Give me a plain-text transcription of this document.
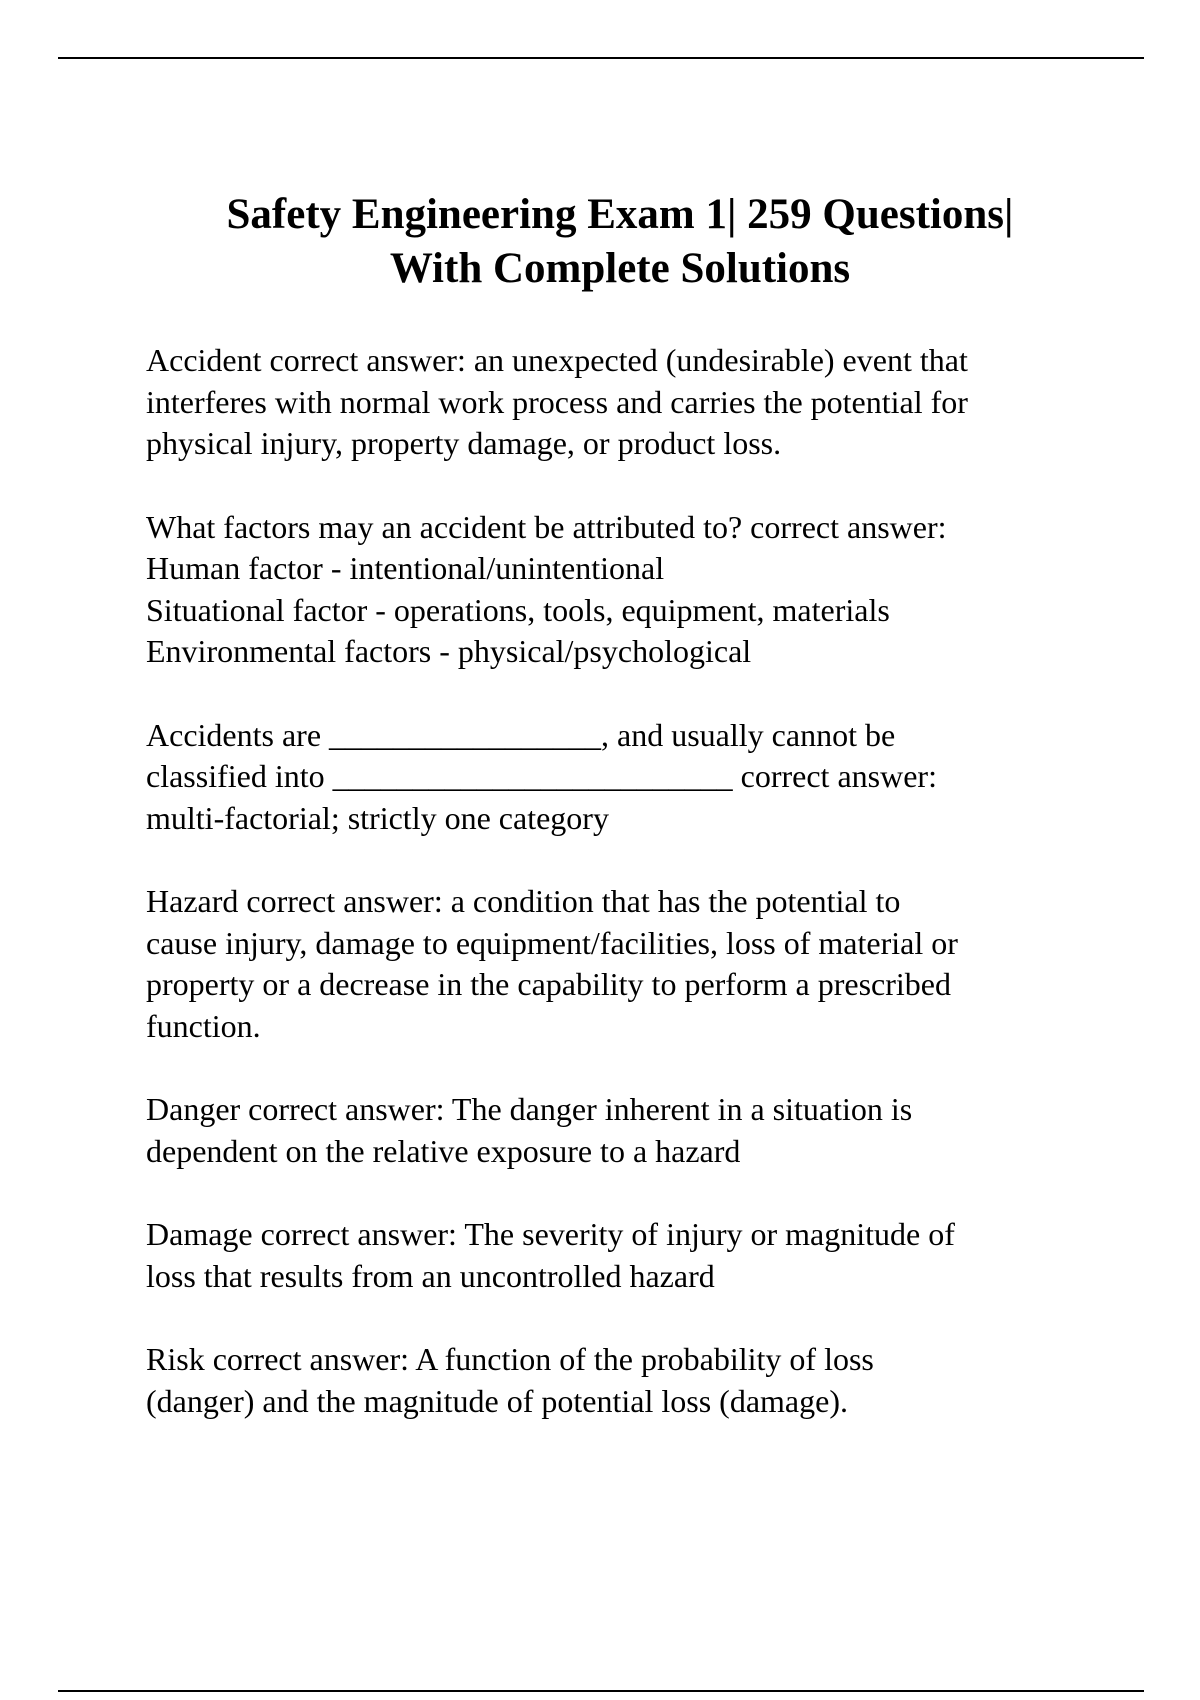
Safety Engineering Exam 1| 259 Questions|
With Complete Solutions
Accident correct answer: an unexpected (undesirable) event that
interferes with normal work process and carries the potential for
physical injury, property damage, or product loss.
What factors may an accident be attributed to? correct answer:
Human factor - intentional/unintentional
Situational factor - operations, tools, equipment, materials
Environmental factors - physical/psychological
Accidents are _________________, and usually cannot be
classified into _________________________ correct answer:
multi-factorial; strictly one category
Hazard correct answer: a condition that has the potential to
cause injury, damage to equipment/facilities, loss of material or
property or a decrease in the capability to perform a prescribed
function.
Danger correct answer: The danger inherent in a situation is
dependent on the relative exposure to a hazard
Damage correct answer: The severity of injury or magnitude of
loss that results from an uncontrolled hazard
Risk correct answer: A function of the probability of loss
(danger) and the magnitude of potential loss (damage).
